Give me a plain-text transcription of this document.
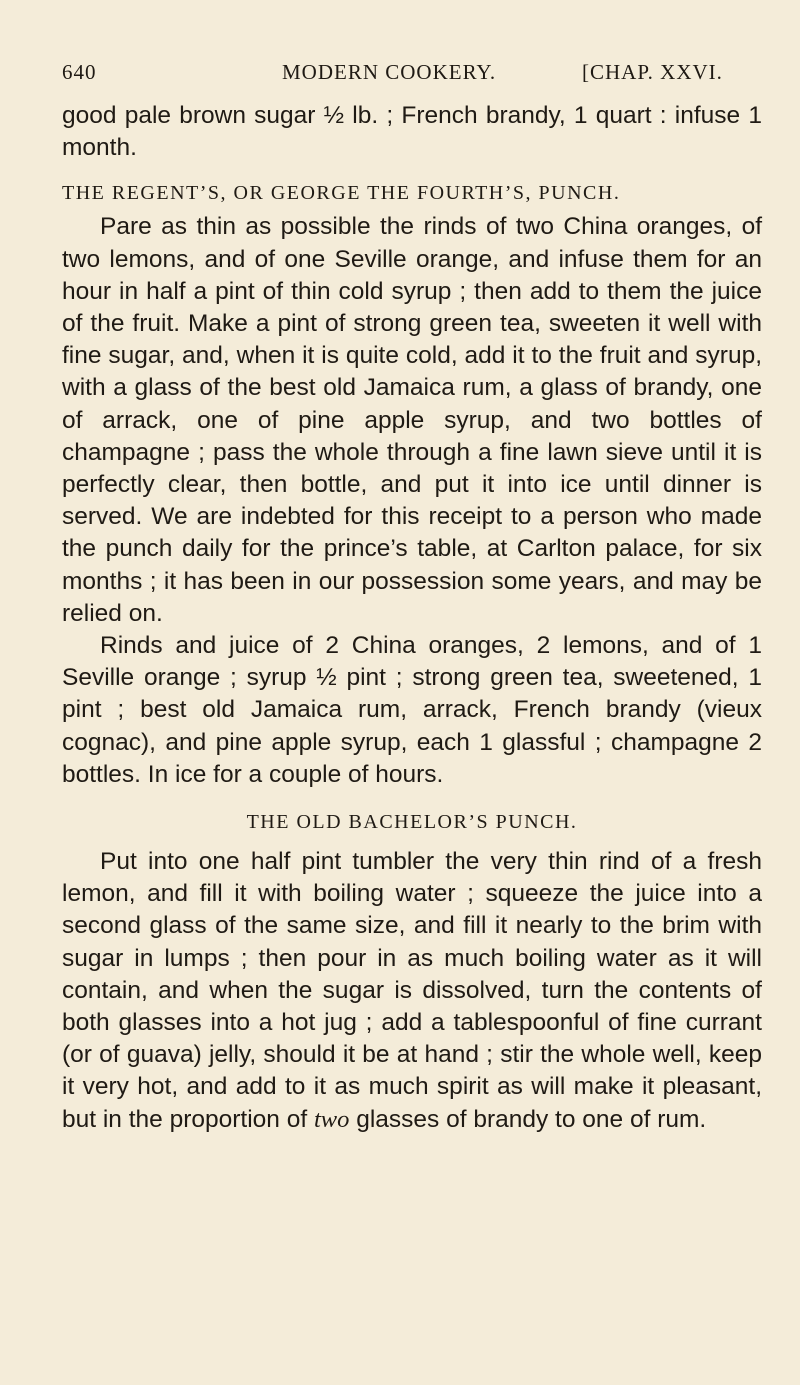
640	MODERN COOKERY.	[CHAP. XXVI.

good pale brown sugar ½ lb. ; French brandy, 1 quart : infuse 1 month.

THE REGENT’S, OR GEORGE THE FOURTH’S, PUNCH.

Pare as thin as possible the rinds of two China oranges, of two lemons, and of one Seville orange, and infuse them for an hour in half a pint of thin cold syrup ; then add to them the juice of the fruit. Make a pint of strong green tea, sweeten it well with fine sugar, and, when it is quite cold, add it to the fruit and syrup, with a glass of the best old Jamaica rum, a glass of brandy, one of arrack, one of pine apple syrup, and two bottles of champagne ; pass the whole through a fine lawn sieve until it is perfectly clear, then bottle, and put it into ice until dinner is served. We are indebted for this receipt to a person who made the punch daily for the prince’s table, at Carlton palace, for six months ; it has been in our possession some years, and may be relied on.

Rinds and juice of 2 China oranges, 2 lemons, and of 1 Seville orange ; syrup ½ pint ; strong green tea, sweetened, 1 pint ; best old Jamaica rum, arrack, French brandy (vieux cognac), and pine apple syrup, each 1 glassful ; champagne 2 bottles. In ice for a couple of hours.

THE OLD BACHELOR’S PUNCH.

Put into one half pint tumbler the very thin rind of a fresh lemon, and fill it with boiling water ; squeeze the juice into a second glass of the same size, and fill it nearly to the brim with sugar in lumps ; then pour in as much boiling water as it will contain, and when the sugar is dissolved, turn the contents of both glasses into a hot jug ; add a tablespoonful of fine currant (or of guava) jelly, should it be at hand ; stir the whole well, keep it very hot, and add to it as much spirit as will make it pleasant, but in the proportion of two glasses of brandy to one of rum.
